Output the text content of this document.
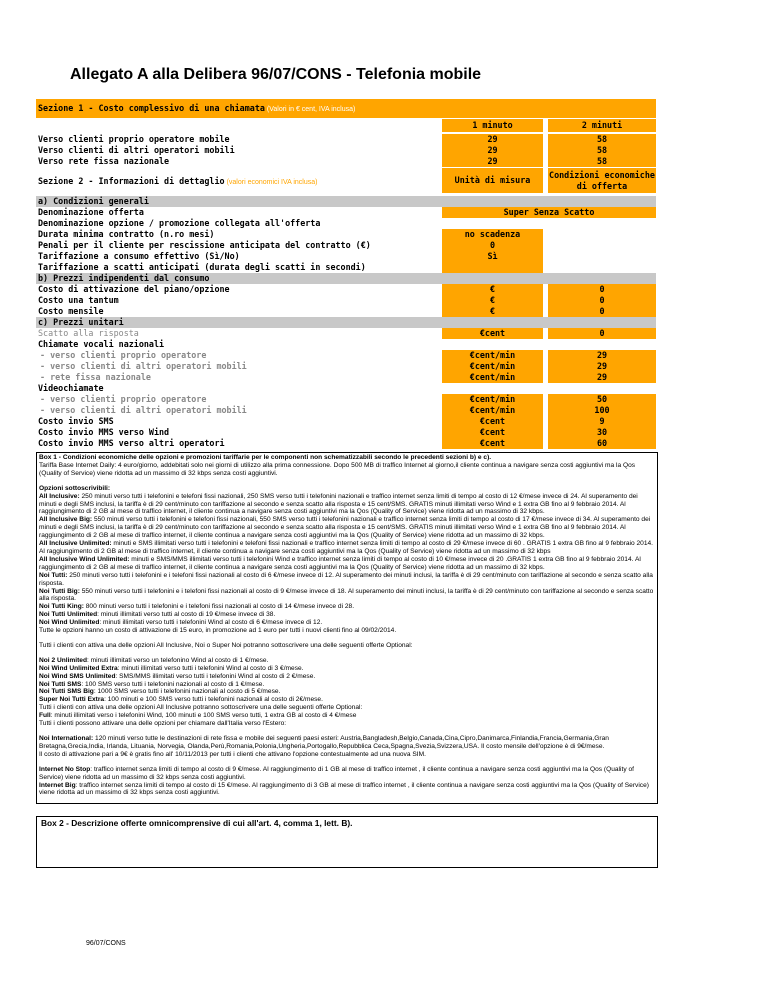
Allegato A alla Delibera 96/07/CONS - Telefonia mobile
Sezione 1 - Costo complessivo di una chiamata (Valori in € cent, IVA inclusa)
1 minuto	2 minuti
Verso clienti proprio operatore mobile	29	58
Verso clienti di altri operatori mobili	29	58
Verso rete fissa nazionale	29	58
Sezione 2 - Informazioni di dettaglio (valori economici IVA inclusa)	Unità di misura	Condizioni economiche di offerta
a) Condizioni generali
Denominazione offerta	Super Senza Scatto
Denominazione opzione / promozione collegata all'offerta
Durata minima contratto (n.ro mesi)	no scadenza
Penali per il cliente per rescissione anticipata del contratto (€)	0
Tariffazione a consumo effettivo (Sì/No)	Sì
Tariffazione a scatti anticipati (durata degli scatti in secondi)
b) Prezzi indipendenti dal consumo
Costo di attivazione del piano/opzione	€	0
Costo una tantum	€	0
Costo mensile	€	0
c) Prezzi unitari
Scatto alla risposta	€cent	0
Chiamate vocali nazionali
- verso clienti proprio operatore	€cent/min	29
- verso clienti di altri operatori mobili	€cent/min	29
- rete fissa nazionale	€cent/min	29
Videochiamate
- verso clienti proprio operatore	€cent/min	50
- verso clienti di altri operatori mobili	€cent/min	100
Costo invio SMS	€cent	9
Costo invio MMS verso Wind	€cent	30
Costo invio MMS verso altri operatori	€cent	60

Box 1 - Condizioni economiche delle opzioni e promozioni tariffarie per le componenti non schematizzabili secondo le precedenti sezioni b) e c).

Tariffa Base Internet Daily: 4 euro/giorno, addebitati solo nei giorni di utilizzo alla prima connessione. Dopo 500 MB di traffico Internet al giorno,il cliente continua a navigare senza costi aggiuntivi ma la Qos (Quality of Service) viene ridotta ad un massimo di 32 kbps senza costi aggiuntivi.

Opzioni sottoscrivibili:

All Inclusive: 250 minuti verso tutti i telefonini e telefoni fissi nazionali, 250 SMS verso tutti i telefonini nazionali e traffico internet senza limiti di tempo al costo di 12 €/mese invece di 24. Al superamento dei minuti e degli SMS inclusi, la tariffa è di 29 cent/minuto con tariffazione al secondo e senza scatto alla risposta e 15 cent/SMS. GRATIS minuti illimitati verso Wind e 1 extra GB fino al 9 febbraio 2014. Al raggiungimento di 2 GB al mese di traffico internet, il cliente continua a navigare senza costi aggiuntivi ma la Qos (Quality of Service) viene ridotta ad un massimo di 32 kbps.

All Inclusive Big: 550 minuti verso tutti i telefonini e telefoni fissi nazionali, 550 SMS verso tutti i telefonini nazionali e traffico internet senza limiti di tempo al costo di 17 €/mese invece di 34. Al superamento dei minuti e degli SMS inclusi, la tariffa è di 29 cent/minuto con tariffazione al secondo e senza scatto alla risposta e 15 cent/SMS. GRATIS minuti illimitati verso Wind e 1 extra GB fino al 9 febbraio 2014. Al raggiungimento di 2 GB al mese di traffico internet, il cliente continua a navigare senza costi aggiuntivi ma la Qos (Quality of Service) viene ridotta ad un massimo di 32 kbps.

All Inclusive Unlimited: minuti e SMS illimitati verso tutti i telefonini e telefoni fissi nazionali e traffico internet senza limiti di tempo al costo di 29 €/mese invece di 60 . GRATIS 1 extra GB fino al 9 febbraio 2014. Al raggiungimento di 2 GB al mese di traffico internet, il cliente continua a navigare senza costi aggiuntivi ma la Qos (Quality of Service) viene ridotta ad un massimo di 32 kbps

All Inclusive Wind Unlimited: minuti e SMS/MMS illimitati verso tutti i telefonini Wind e traffico internet senza limiti di tempo al costo di 10 €/mese invece di 20 .GRATIS 1 extra GB fino al 9 febbraio 2014. Al raggiungimento di 2 GB al mese di traffico internet, il cliente continua a navigare senza costi aggiuntivi ma la Qos (Quality of Service) viene ridotta ad un massimo di 32 kbps.

Noi Tutti: 250 minuti verso tutti i telefonini e i telefoni fissi nazionali al costo di 6 €/mese invece di 12. Al superamento dei minuti inclusi, la tariffa è di 29 cent/minuto con tariffazione al secondo e senza scatto alla risposta.

Noi Tutti Big: 550 minuti verso tutti i telefonini e i telefoni fissi nazionali al costo di 9 €/mese invece di 18. Al superamento dei minuti inclusi, la tariffa è di 29 cent/minuto con tariffazione al secondo e senza scatto alla risposta.

Noi Tutti King: 800 minuti verso tutti i telefonini e i telefoni fissi nazionali al costo di 14 €/mese invece di 28.

Noi Tutti Unlimited: minuti illimitati verso tutti al costo di 19 €/mese invece di 38.

Noi Wind Unlimited: minuti illimitati verso tutti i telefonini Wind al costo di 6 €/mese invece di 12.

Tutte le opzioni hanno un costo di attivazione di 15 euro, in promozione ad 1 euro per tutti i nuovi clienti fino al 09/02/2014.

Tutti i clienti con attiva una delle opzioni All Inclusive, Noi o Super Noi potranno sottoscrivere una delle seguenti offerte Optional:

Noi 2 Unlimited: minuti illimitati verso un telefonino Wind al costo di 1 €/mese.

Noi Wind Unlimited Extra: minuti illimitati verso tutti i telefonini Wind al costo di 3 €/mese.

Noi Wind SMS Unlimited: SMS/MMS illimitati verso tutti i telefonini Wind al costo di 2 €/mese.

Noi Tutti SMS: 100 SMS verso tutti i telefonini nazionali al costo di 1 €/mese.

Noi Tutti SMS Big: 1000 SMS verso tutti i telefonini nazionali al costo di 5 €/mese.

Super Noi Tutti Extra: 100 minuti e 100 SMS verso tutti i telefonini nazionali al costo di 2€/mese.

Tutti i clienti con attiva una delle opzioni All Inclusive potranno sottoscrivere una delle seguenti offerte Optional:

Full: minuti illimitati verso i telefonini Wind, 100 minuti e 100 SMS verso tutti, 1 extra GB al costo di 4 €/mese

Tutti i clienti possono attivare una delle opzioni per chiamare dall'Italia verso l'Estero:

Noi International: 120 minuti verso tutte le destinazioni di rete fissa e mobile dei seguenti paesi esteri: Austria,Bangladesh,Belgio,Canada,Cina,Cipro,Danimarca,Finlandia,Francia,Germania,Gran Bretagna,Grecia,India, Irlanda, Lituania, Norvegia, Olanda,Perù,Romania,Polonia,Ungheria,Portogallo,Repubblica Ceca,Spagna,Svezia,Svizzera,USA. Il costo mensile dell'opzione è di 9€/mese.

Il costo di attivazione pari a 9€ è gratis fino all' 10/11/2013 per tutti i clienti che attivano l'opzione contestualmente ad una nuova SIM.

Internet No Stop: traffico internet senza limiti di tempo al costo di 9 €/mese. Al raggiungimento di 1 GB al mese di traffico internet , il cliente continua a navigare senza costi aggiuntivi ma la Qos (Quality of Service) viene ridotta ad un massimo di 32 kbps senza costi aggiuntivi.

Internet Big: traffico internet senza limiti di tempo al costo di 15 €/mese. Al raggiungimento di 3 GB al mese di traffico internet , il cliente continua a navigare senza costi aggiuntivi ma la Qos (Quality of Service) viene ridotta ad un massimo di 32 kbps senza costi aggiuntivi.

Box 2 - Descrizione offerte omnicomprensive di cui all'art. 4, comma 1, lett. B).

96/07/CONS
